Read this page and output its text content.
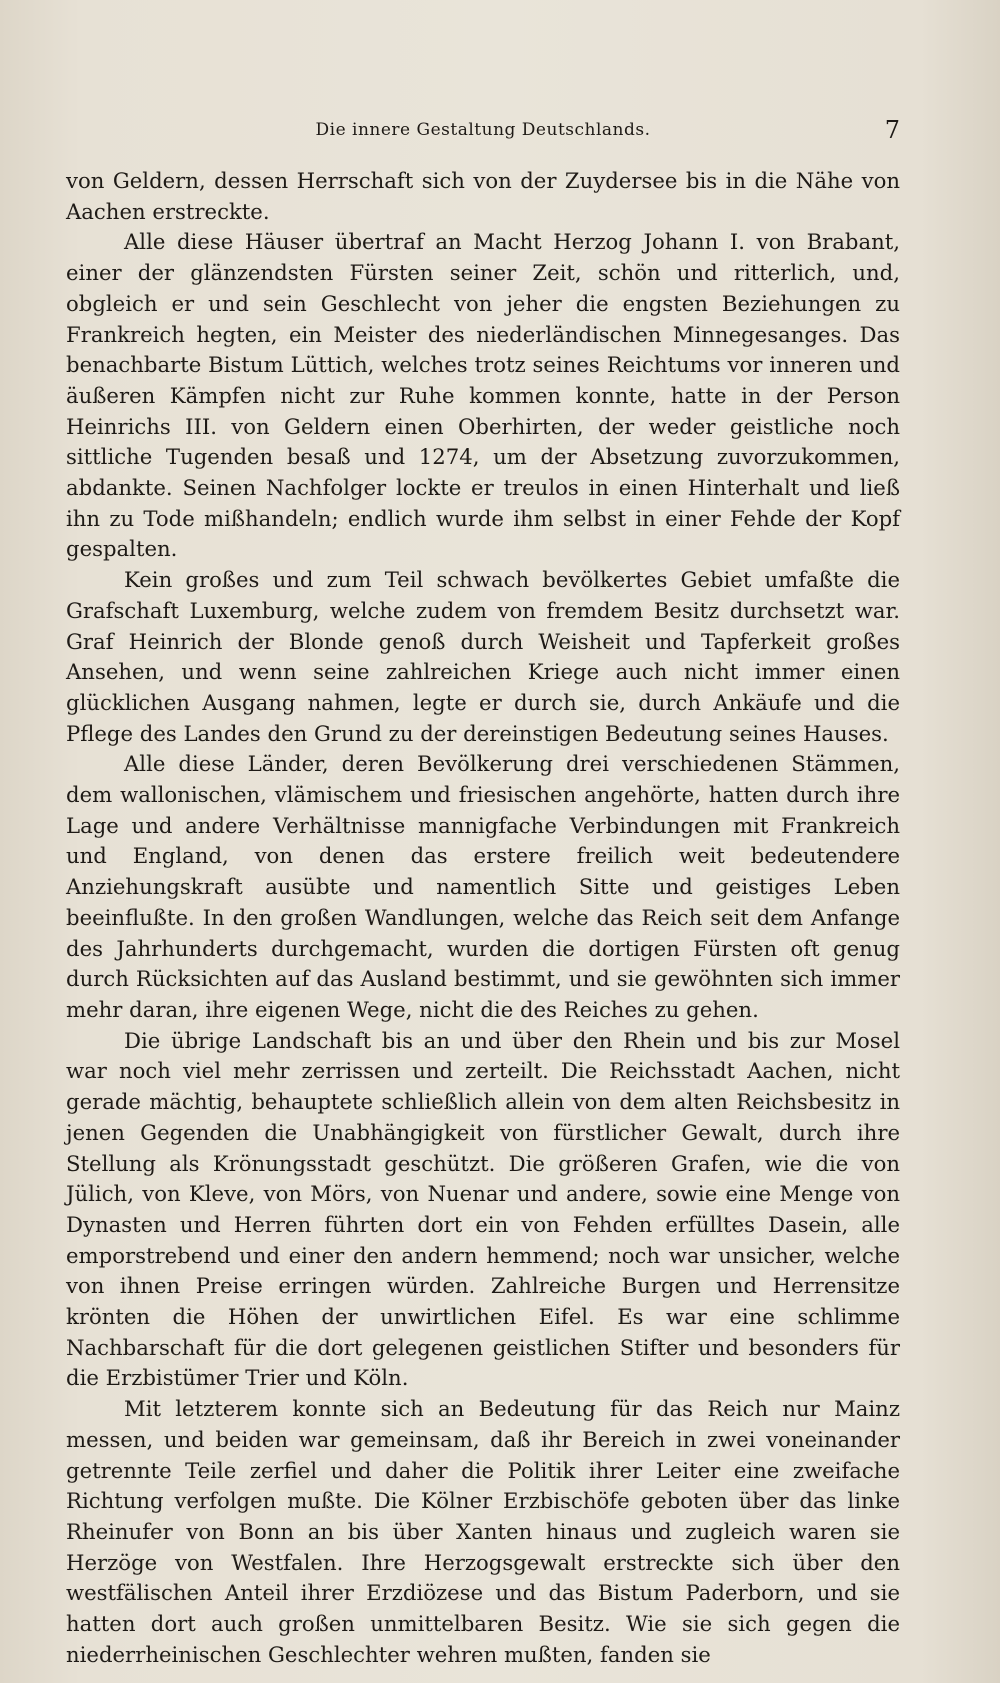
Die innere Gestaltung Deutschlands.	7

von Geldern, dessen Herrschaft sich von der Zuydersee bis in die Nähe von Aachen erstreckte.

Alle diese Häuser übertraf an Macht Herzog Johann I. von Brabant, einer der glänzendsten Fürsten seiner Zeit, schön und ritterlich, und, obgleich er und sein Geschlecht von jeher die engsten Beziehungen zu Frankreich hegten, ein Meister des niederländischen Minnegesanges. Das benachbarte Bistum Lüttich, welches trotz seines Reichtums vor inneren und äußeren Kämpfen nicht zur Ruhe kommen konnte, hatte in der Person Heinrichs III. von Geldern einen Oberhirten, der weder geistliche noch sittliche Tugenden besaß und 1274, um der Absetzung zuvorzukommen, abdankte. Seinen Nachfolger lockte er treulos in einen Hinterhalt und ließ ihn zu Tode mißhandeln; endlich wurde ihm selbst in einer Fehde der Kopf gespalten.

Kein großes und zum Teil schwach bevölkertes Gebiet umfaßte die Grafschaft Luxemburg, welche zudem von fremdem Besitz durchsetzt war. Graf Heinrich der Blonde genoß durch Weisheit und Tapferkeit großes Ansehen, und wenn seine zahlreichen Kriege auch nicht immer einen glücklichen Ausgang nahmen, legte er durch sie, durch Ankäufe und die Pflege des Landes den Grund zu der dereinstigen Bedeutung seines Hauses.

Alle diese Länder, deren Bevölkerung drei verschiedenen Stämmen, dem wallonischen, vlämischem und friesischen angehörte, hatten durch ihre Lage und andere Verhältnisse mannigfache Verbindungen mit Frankreich und England, von denen das erstere freilich weit bedeutendere Anziehungskraft ausübte und namentlich Sitte und geistiges Leben beeinflußte. In den großen Wandlungen, welche das Reich seit dem Anfange des Jahrhunderts durchgemacht, wurden die dortigen Fürsten oft genug durch Rücksichten auf das Ausland bestimmt, und sie gewöhnten sich immer mehr daran, ihre eigenen Wege, nicht die des Reiches zu gehen.

Die übrige Landschaft bis an und über den Rhein und bis zur Mosel war noch viel mehr zerrissen und zerteilt. Die Reichsstadt Aachen, nicht gerade mächtig, behauptete schließlich allein von dem alten Reichsbesitz in jenen Gegenden die Unabhängigkeit von fürstlicher Gewalt, durch ihre Stellung als Krönungsstadt geschützt. Die größeren Grafen, wie die von Jülich, von Kleve, von Mörs, von Nuenar und andere, sowie eine Menge von Dynasten und Herren führten dort ein von Fehden erfülltes Dasein, alle emporstrebend und einer den andern hemmend; noch war unsicher, welche von ihnen Preise erringen würden. Zahlreiche Burgen und Herrensitze krönten die Höhen der unwirtlichen Eifel. Es war eine schlimme Nachbarschaft für die dort gelegenen geistlichen Stifter und besonders für die Erzbistümer Trier und Köln.

Mit letzterem konnte sich an Bedeutung für das Reich nur Mainz messen, und beiden war gemeinsam, daß ihr Bereich in zwei voneinander getrennte Teile zerfiel und daher die Politik ihrer Leiter eine zweifache Richtung verfolgen mußte. Die Kölner Erzbischöfe geboten über das linke Rheinufer von Bonn an bis über Xanten hinaus und zugleich waren sie Herzöge von Westfalen. Ihre Herzogsgewalt erstreckte sich über den westfälischen Anteil ihrer Erzdiözese und das Bistum Paderborn, und sie hatten dort auch großen unmittelbaren Besitz. Wie sie sich gegen die niederrheinischen Geschlechter wehren mußten, fanden sie
